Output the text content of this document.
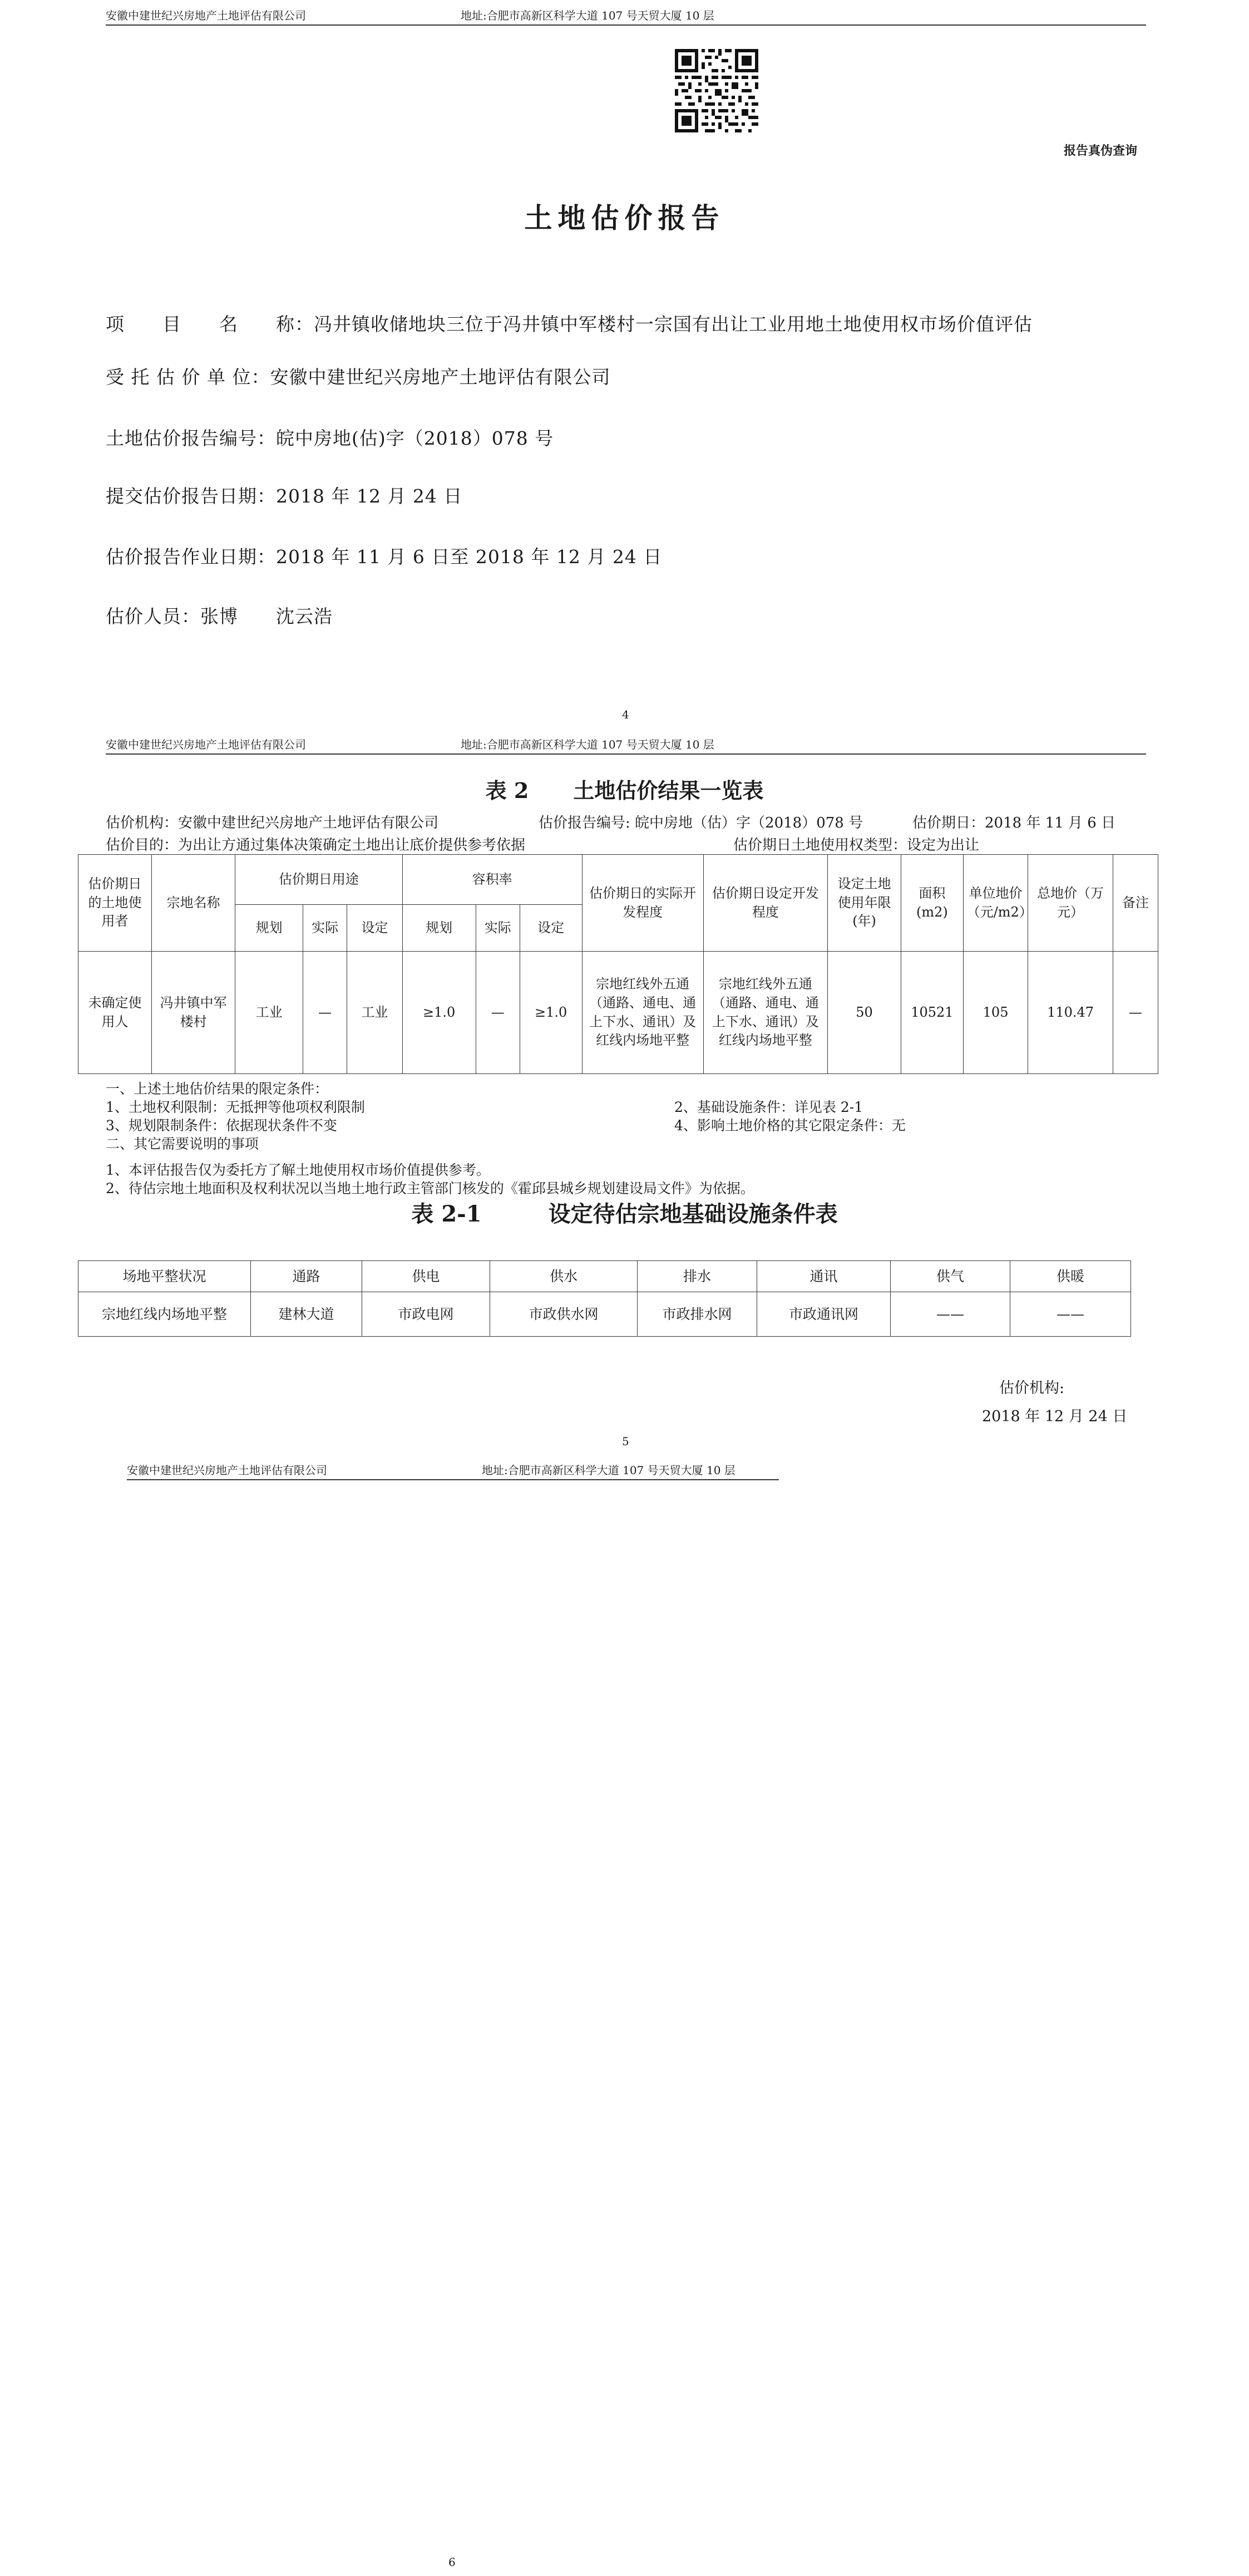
安徽中建世纪兴房地产土地评估有限公司	地址:合肥市高新区科学大道 107 号天贸大厦 10 层
报告真伪查询
土地估价报告
项　　目　　名　　称：冯井镇收储地块三位于冯井镇中军楼村一宗国有出让工业用地土地使用权市场价值评估
受 托 估 价 单 位：安徽中建世纪兴房地产土地评估有限公司
土地估价报告编号：皖中房地(估)字（2018）078 号
提交估价报告日期：2018 年 12 月 24 日
估价报告作业日期：2018 年 11 月 6 日至 2018 年 12 月 24 日
估价人员：张博　　沈云浩
4
安徽中建世纪兴房地产土地评估有限公司	地址:合肥市高新区科学大道 107 号天贸大厦 10 层
表 2 土地估价结果一览表
估价机构：安徽中建世纪兴房地产土地评估有限公司	估价报告编号: 皖中房地（估）字（2018）078 号	估价期日：2018 年 11 月 6 日
估价目的：为出让方通过集体决策确定土地出让底价提供参考依据	估价期日土地使用权类型：设定为出让
估价期日的土地使用者	宗地名称	估价期日用途			容积率			估价期日的实际开发程度	估价期日设定开发程度	设定土地使用年限(年)	面积(m2)	单位地价（元/m2）	总地价（万元）	备注
		规划	实际	设定	规划	实际	设定							
未确定使用人	冯井镇中军楼村	工业	—	工业	≥1.0	—	≥1.0	宗地红线外五通（通路、通电、通上下水、通讯）及红线内场地平整	宗地红线外五通（通路、通电、通上下水、通讯）及红线内场地平整	50	10521	105	110.47	—
一、上述土地估价结果的限定条件：
1、土地权利限制：无抵押等他项权利限制	2、基础设施条件：详见表 2-1
3、规划限制条件：依据现状条件不变	4、影响土地价格的其它限定条件：无
二、其它需要说明的事项
1、本评估报告仅为委托方了解土地使用权市场价值提供参考。
2、待估宗地土地面积及权利状况以当地土地行政主管部门核发的《霍邱县城乡规划建设局文件》为依据。
表 2-1	设定待估宗地基础设施条件表
场地平整状况	通路	供电	供水	排水	通讯	供气	供暖
宗地红线内场地平整	建林大道	市政电网	市政供水网	市政排水网	市政通讯网	——	——
估价机构:
2018 年 12 月 24 日
5
安徽中建世纪兴房地产土地评估有限公司	地址:合肥市高新区科学大道 107 号天贸大厦 10 层
6
